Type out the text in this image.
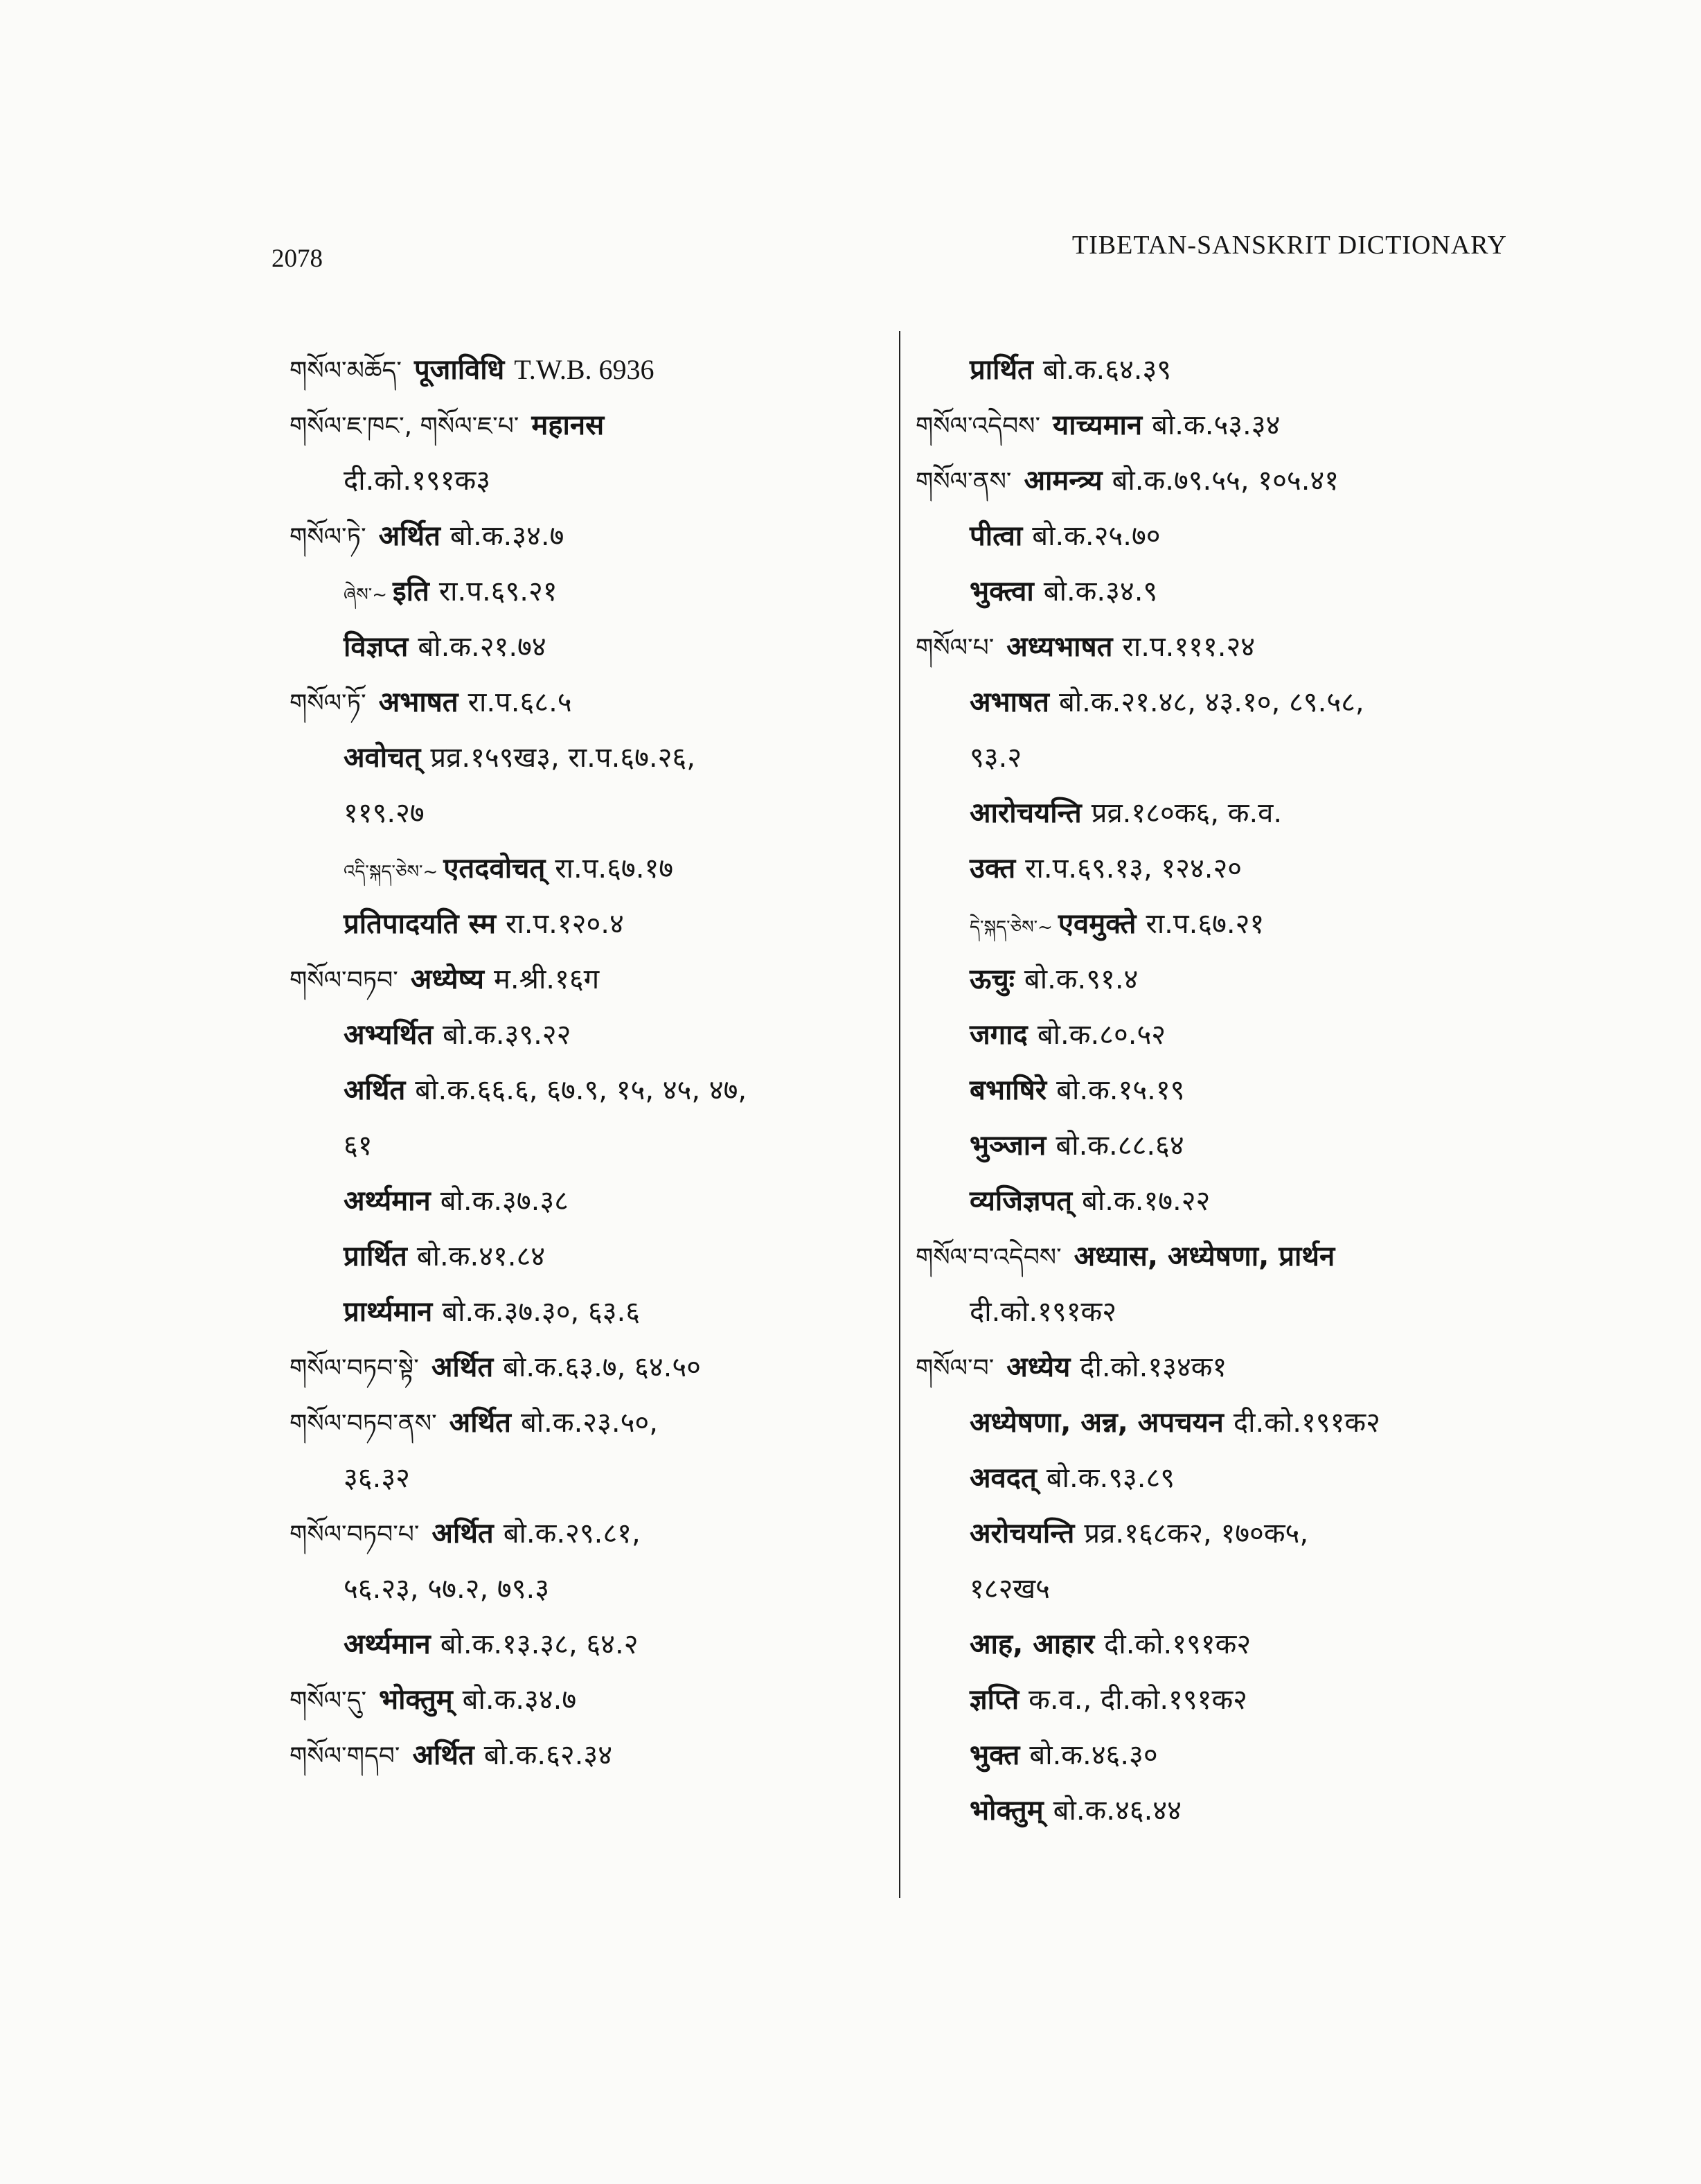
2078	TIBETAN-SANSKRIT DICTIONARY
གསོལ་མཆོད་ पूजाविधि T.W.B. 6936
གསོལ་ཇ་ཁང་, གསོལ་ཇ་པ་ महानस
दी.को.१९१क३
གསོལ་ཏེ་ अर्थित बो.क.३४.७
ཞེས་~ इति रा.प.६९.२१
विज्ञप्त बो.क.२१.७४
གསོལ་ཏོ་ अभाषत रा.प.६८.५
अवोचत् प्रव्र.१५९ख३, रा.प.६७.२६,
११९.२७
འདི་སྐད་ཅེས་~ एतदवोचत् रा.प.६७.१७
प्रतिपादयति स्म रा.प.१२०.४
གསོལ་བཏབ་ अध्येष्य म.श्री.१६ग
अभ्यर्थित बो.क.३९.२२
अर्थित बो.क.६६.६, ६७.९, १५, ४५, ४७,
६१
अर्थ्यमान बो.क.३७.३८
प्रार्थित बो.क.४१.८४
प्रार्थ्यमान बो.क.३७.३०, ६३.६
གསོལ་བཏབ་སྟེ་ अर्थित बो.क.६३.७, ६४.५०
གསོལ་བཏབ་ནས་ अर्थित बो.क.२३.५०,
३६.३२
གསོལ་བཏབ་པ་ अर्थित बो.क.२९.८१,
५६.२३, ५७.२, ७९.३
अर्थ्यमान बो.क.१३.३८, ६४.२
གསོལ་དུ་ भोक्तुम् बो.क.३४.७
གསོལ་གདབ་ अर्थित बो.क.६२.३४
प्रार्थित बो.क.६४.३९
གསོལ་འདེབས་ याच्यमान बो.क.५३.३४
གསོལ་ནས་ आमन्त्र्य बो.क.७९.५५, १०५.४१
पीत्वा बो.क.२५.७०
भुक्त्वा बो.क.३४.९
གསོལ་པ་ अध्यभाषत रा.प.१११.२४
अभाषत बो.क.२१.४८, ४३.१०, ८९.५८,
९३.२
आरोचयन्ति प्रव्र.१८०क६, क.व.
उक्त रा.प.६९.१३, १२४.२०
དེ་སྐད་ཅེས་~ एवमुक्ते रा.प.६७.२१
ऊचुः बो.क.९१.४
जगाद बो.क.८०.५२
बभाषिरे बो.क.१५.१९
भुञ्जान बो.क.८८.६४
व्यजिज्ञपत् बो.क.१७.२२
གསོལ་བ་འདེབས་ अध्यास, अध्येषणा, प्रार्थन
दी.को.१९१क२
གསོལ་བ་ अध्येय दी.को.१३४क१
अध्येषणा, अन्न, अपचयन दी.को.१९१क२
अवदत् बो.क.९३.८९
अरोचयन्ति प्रव्र.१६८क२, १७०क५,
१८२ख५
आह, आहार दी.को.१९१क२
ज्ञप्ति क.व., दी.को.१९१क२
भुक्त बो.क.४६.३०
भोक्तुम् बो.क.४६.४४
